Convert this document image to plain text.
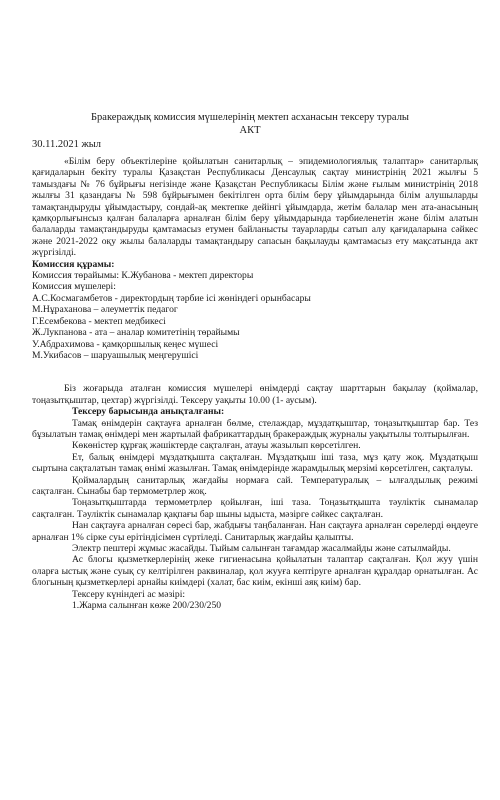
Бракераждық комиссия мүшелерінің мектеп асханасын тексеру туралы
АКТ
30.11.2021 жыл

«Білім беру объектілеріне қойылатын санитарлық – эпидемиологиялық талаптар» санитарлық қағидаларын бекіту туралы Қазақстан Республикасы Денсаулық сақтау министрінің 2021 жылғы 5 тамыздағы № 76 бұйрығы негізінде және Қазақстан Республикасы Білім және ғылым министрінің 2018 жылғы 31 қазандағы № 598 бұйрығымен бекітілген орта білім беру ұйымдарында білім алушыларды тамақтандыруды ұйымдастыру, сондай-ақ мектепке дейінгі ұйымдарда, жетім балалар мен ата-анасының қамқорлығынсыз қалған балаларға арналған білім беру ұйымдарында тәрбиеленетін және білім алатын балаларды тамақтандыруды қамтамасыз етумен байланысты тауарларды сатып алу қағидаларына сәйкес және 2021-2022 оқу жылы балаларды тамақтандыру сапасын бақылауды қамтамасыз ету мақсатында акт жүргізілді.

Комиссия құрамы:

Комиссия төрайымы: К.Жубанова - мектеп директоры

Комиссия мүшелері:

А.С.Космагамбетов - директордың тәрбие ісі жөніндегі орынбасары

М.Нұраханова – әлеуметтік педагог

Г.Есембекова - мектеп медбикесі

Ж.Лукпанова - ата – аналар комитетінің төрайымы

У.Абдрахимова - қамқоршылық кеңес мүшесі

М.Укибасов – шаруашылық меңгерушісі

Біз жоғарыда аталған комиссия мүшелері өнімдерді сақтау шарттарын бақылау (қоймалар, тоңазытқыштар, цехтар) жүргізілді. Тексеру уақыты 10.00 (1- аусым).

Тексеру барысында анықталғаны:

Тамақ өнімдерін сақтауға арналған бөлме, стелаждар, мұздатқыштар, тоңазытқыштар бар. Тез бұзылатын тамақ өнімдері мен жартылай фабрикаттардың бракераждық журналы уақытылы толтырылған.

Көкөністер құрғақ жәшіктерде сақталған, атауы жазылып көрсетілген.

Ет, балық өнімдері мұздатқышта сақталған. Мұздатқыш іші таза, мұз қату жоқ. Мұздатқыш сыртына сақталатын тамақ өнімі жазылған. Тамақ өнімдерінде жарамдылық мерзімі көрсетілген, сақталуы.

Қоймалардың санитарлық жағдайы нормаға сай. Температуралық – ылғалдылық режимі сақталған. Сынабы бар термометрлер жоқ.

Тоңазытқыштарда термометрлер қойылған, іші таза. Тоңазытқышта тәуліктік сынамалар сақталған. Тәуліктік сынамалар қақпағы бар шыны ыдыста, мәзірге сәйкес сақталған.

Нан сақтауға арналған сөресі бар, жабдығы таңбаланған. Нан сақтауға арналған сөрелерді өңдеуге арналған 1% сірке суы ерітіндісімен сүртіледі. Санитарлық жағдайы қалыпты.

Электр пештері жұмыс жасайды. Тыйым салынған тағамдар жасалмайды және сатылмайды.

Ас блогы қызметкерлерінің жеке гигиенасына қойылатын талаптар сақталған. Қол жуу үшін оларға ыстық және суық су келтірілген раквиналар, қол жууға кептіруге арналған құралдар орнатылған. Ас блогының қызметкерлері арнайы киімдері (халат, бас киім, екінші аяқ киім) бар.

Тексеру күніндегі ас мәзірі:

1.Жарма салынған көже 200/230/250
